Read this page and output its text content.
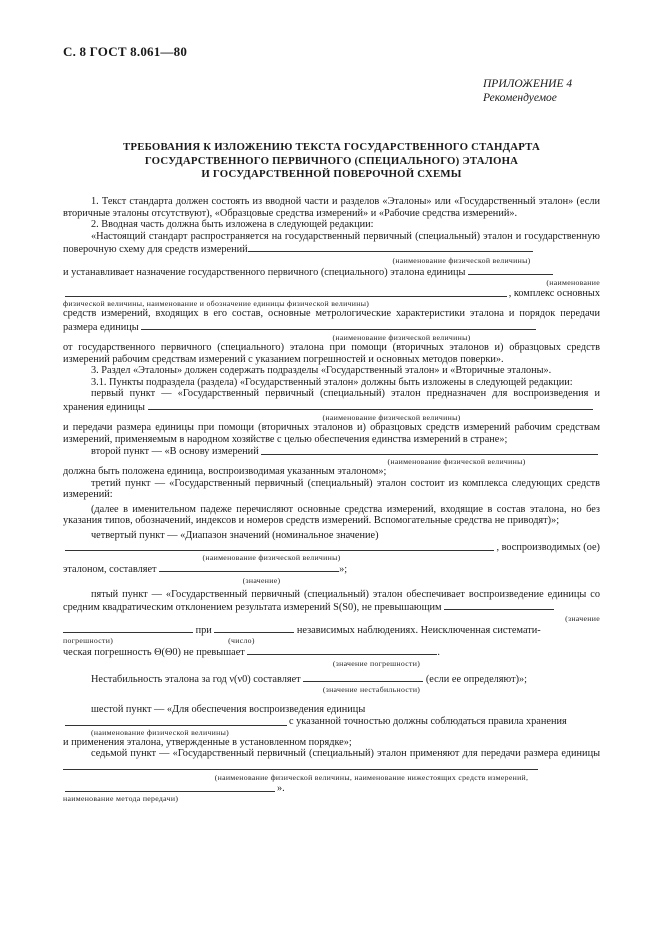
С. 8 ГОСТ 8.061—80
ПРИЛОЖЕНИЕ 4
Рекомендуемое
ТРЕБОВАНИЯ К ИЗЛОЖЕНИЮ ТЕКСТА ГОСУДАРСТВЕННОГО СТАНДАРТА
ГОСУДАРСТВЕННОГО ПЕРВИЧНОГО (СПЕЦИАЛЬНОГО) ЭТАЛОНА
И ГОСУДАРСТВЕННОЙ ПОВЕРОЧНОЙ СХЕМЫ

1. Текст стандарта должен состоять из вводной части и разделов «Эталоны» или «Государственный эталон» (если вторичные эталоны отсутствуют), «Образцовые средства измерений» и «Рабочие средства измерений».

2. Вводная часть должна быть изложена в следующей редакции:

«Настоящий стандарт распространяется на государственный первичный (специальный) эталон и государственную поверочную схему для средств измерений

(наименование физической величины)

и устанавливает назначение государственного первичного (специального) эталона единицы

(наименование
, комплекс основных
физической величины, наименование и обозначение единицы физической величины)

средств измерений, входящих в его состав, основные метрологические характеристики эталона и порядок передачи размера единицы

(наименование физической величины)

от государственного первичного (специального) эталона при помощи (вторичных эталонов и) образцовых средств измерений рабочим средствам измерений с указанием погрешностей и основных методов поверки».

3. Раздел «Эталоны» должен содержать подразделы «Государственный эталон» и «Вторичные эталоны».

3.1. Пункты подраздела (раздела) «Государственный эталон» должны быть изложены в следующей редакции:

первый пункт — «Государственный первичный (специальный) эталон предназначен для воспроизведения и хранения единицы

(наименование физической величины)

и передачи размера единицы при помощи (вторичных эталонов и) образцовых средств измерений рабочим средствам измерений, применяемым в народном хозяйстве с целью обеспечения единства измерений в стране»;

второй пункт — «В основу измерений
(наименование физической величины)

должна быть положена единица, воспроизводимая указанным эталоном»;

третий пункт — «Государственный первичный (специальный) эталон состоит из комплекса следующих средств измерений:

(далее в именительном падеже перечисляют основные средства измерений, входящие в состав эталона, но без указания типов, обозначений, индексов и номеров средств измерений. Вспомогательные средства не приводят)»;

четвертый пункт — «Диапазон значений (номинальное значение)

, воспроизводимых (ое)
(наименование физической величины)

эталоном, составляет	»;

(значение)

пятый пункт — «Государственный первичный (специальный) эталон обеспечивает воспроизведение единицы со средним квадратическим отклонением результата измерений S(S0), не превышающим

(значение

при	независимых наблюдениях. Неисключенная системати-

погрешности)	(число)

ческая погрешность Θ(Θ0) не превышает	.

(значение погрешности)

Нестабильность эталона за год ν(ν0) составляет	(если ее определяют)»;

(значение нестабильности)

шестой пункт — «Для обеспечения воспроизведения единицы

с указанной точностью должны соблюдаться правила хранения
(наименование физической величины)

и применения эталона, утвержденные в установленном порядке»;

седьмой пункт — «Государственный первичный (специальный) эталон применяют для передачи размера единицы

(наименование физической величины, наименование нижестоящих средств измерений,
».
наименование метода передачи)
